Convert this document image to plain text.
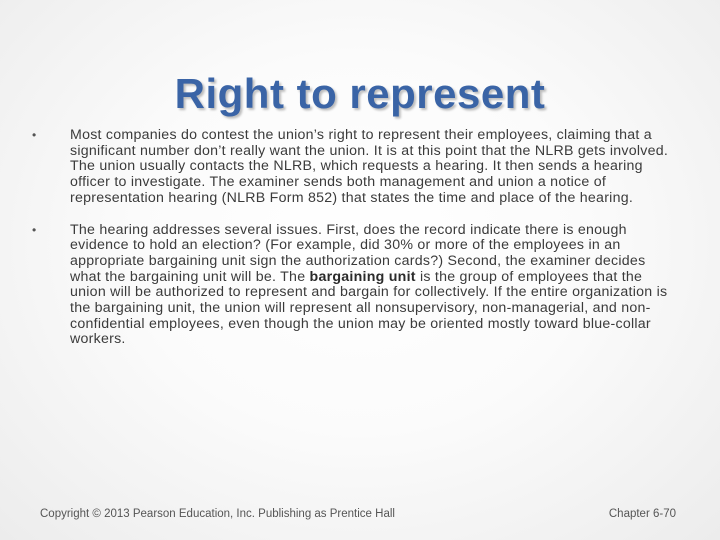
Right to represent
• Most companies do contest the union’s right to represent their employees, claiming that a significant number don’t really want the union. It is at this point that the NLRB gets involved. The union usually contacts the NLRB, which requests a hearing. It then sends a hearing officer to investigate. The examiner sends both management and union a notice of representation hearing (NLRB Form 852) that states the time and place of the hearing.
• The hearing addresses several issues. First, does the record indicate there is enough evidence to hold an election? (For example, did 30% or more of the employees in an appropriate bargaining unit sign the authorization cards?) Second, the examiner decides what the bargaining unit will be. The bargaining unit is the group of employees that the union will be authorized to represent and bargain for collectively. If the entire organization is the bargaining unit, the union will represent all nonsupervisory, non-managerial, and non-confidential employees, even though the union may be oriented mostly toward blue-collar workers.
Copyright © 2013 Pearson Education, Inc. Publishing as Prentice Hall	Chapter 6-70
